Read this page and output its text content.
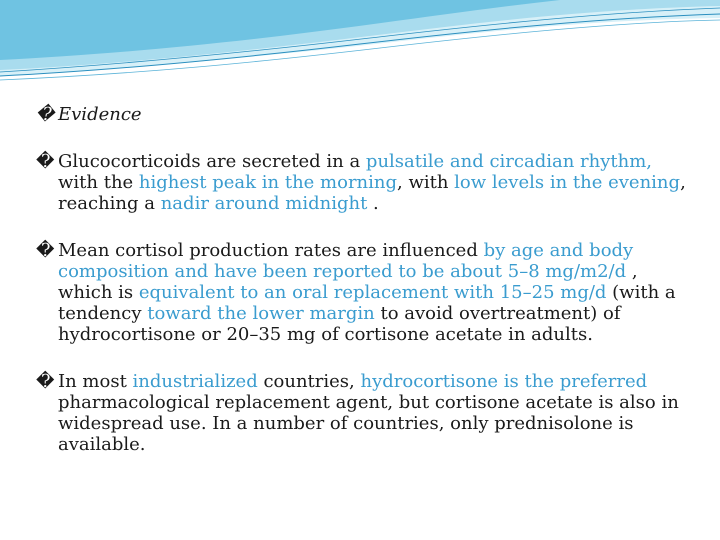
� Evidence

� Glucocorticoids are secreted in a pulsatile and circadian rhythm, with the highest peak in the morning, with low levels in the evening, reaching a nadir around midnight .

� Mean cortisol production rates are influenced by age and body composition and have been reported to be about 5–8 mg/m2/d , which is equivalent to an oral replacement with 15–25 mg/d (with a tendency toward the lower margin to avoid overtreatment) of hydrocortisone or 20–35 mg of cortisone acetate in adults.

� In most industrialized countries, hydrocortisone is the preferred pharmacological replacement agent, but cortisone acetate is also in widespread use. In a number of countries, only prednisolone is available.
